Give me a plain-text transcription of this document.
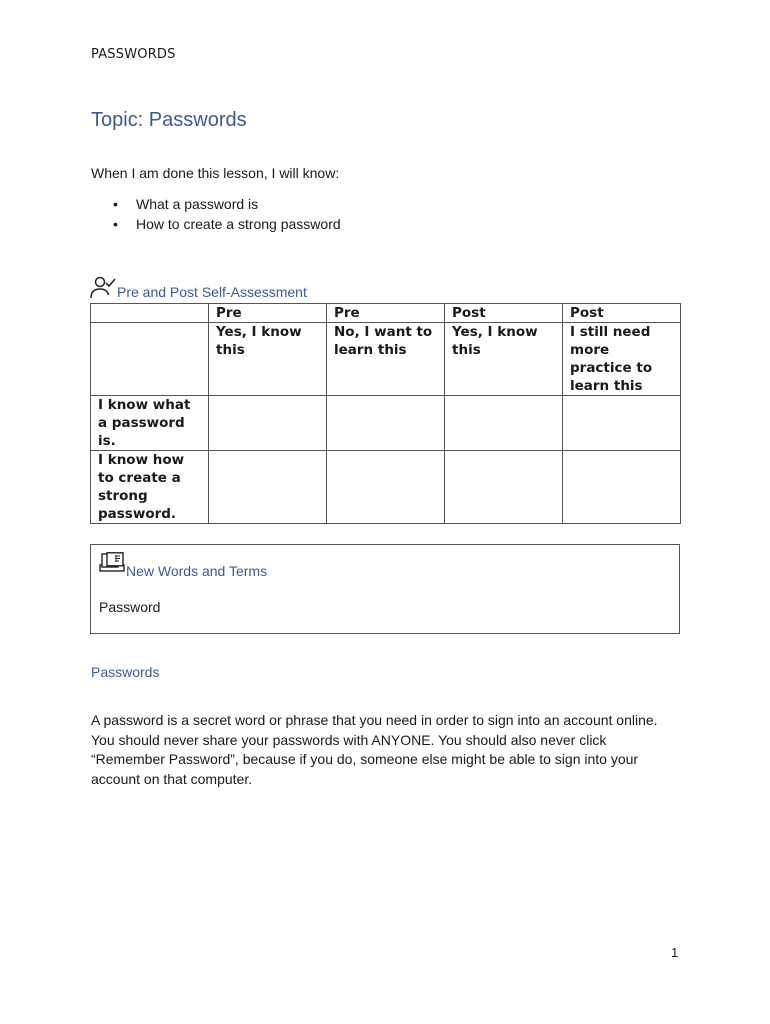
PASSWORDS
Topic: Passwords
When I am done this lesson, I will know:
• What a password is
• How to create a strong password
Pre and Post Self-Assessment
	Pre	Pre	Post	Post
	Yes, I know this	No, I want to learn this	Yes, I know this	I still need more practice to learn this
I know what a password is.				
I know how to create a strong password.				
New Words and Terms
Password
Passwords
A password is a secret word or phrase that you need in order to sign into an account online. You should never share your passwords with ANYONE. You should also never click “Remember Password”, because if you do, someone else might be able to sign into your account on that computer.
1
